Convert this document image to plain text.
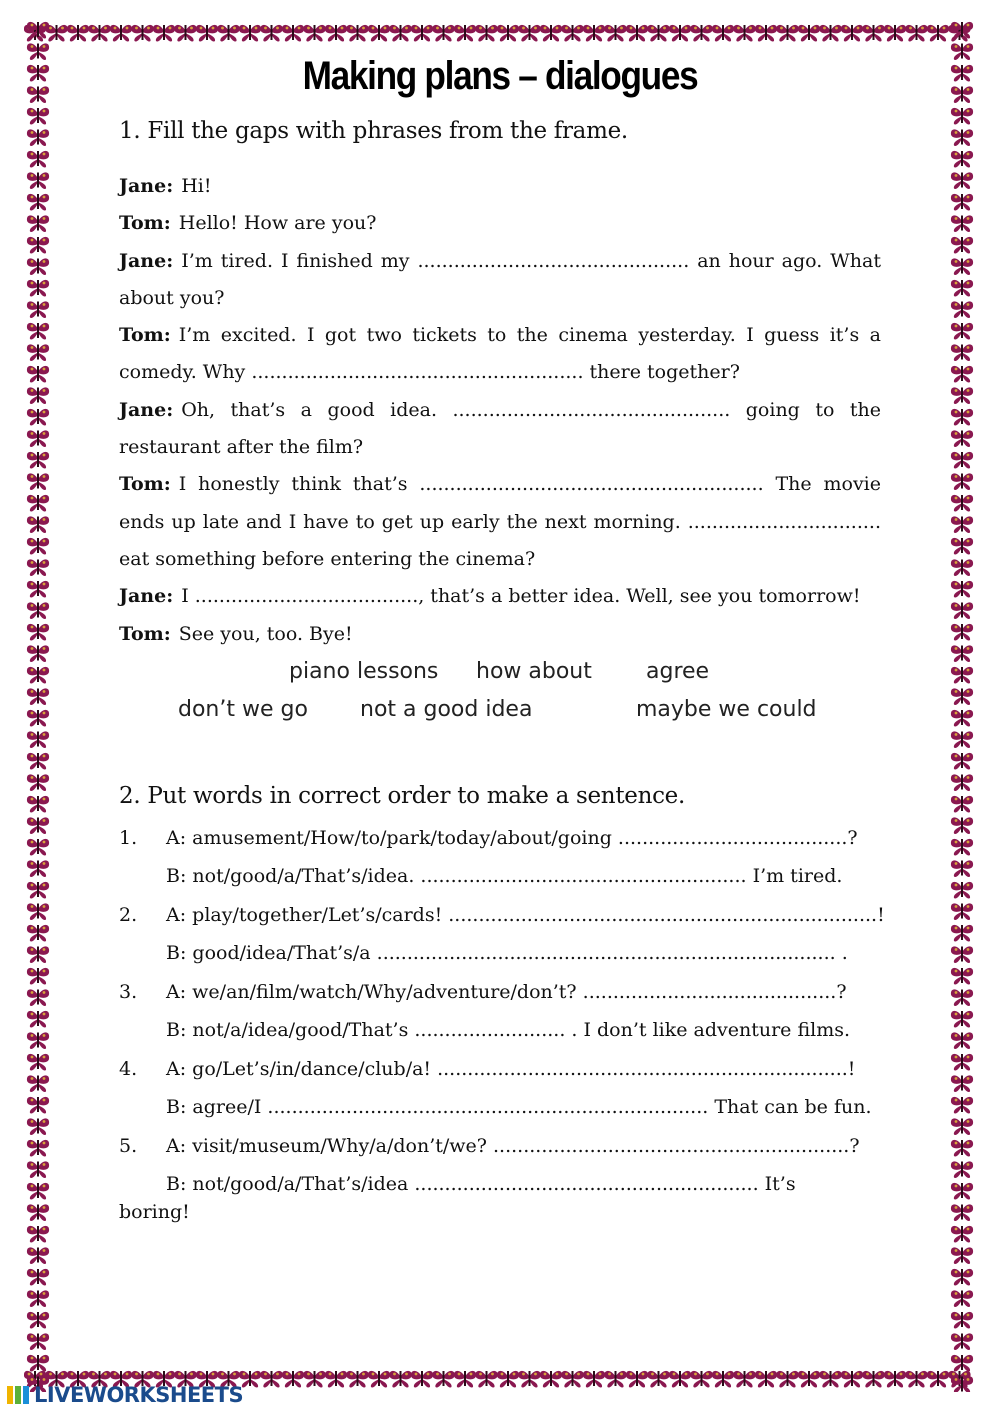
Making plans – dialogues
1. Fill the gaps with phrases from the frame.
Jane: Hi!
Tom: Hello! How are you?
Jane: I’m tired. I finished my ............................................. an hour ago. What about you?
Tom: I’m excited. I got two tickets to the cinema yesterday. I guess it’s a comedy. Why ....................................................... there together?
Jane: Oh, that’s a good idea. .............................................. going to the restaurant after the film?
Tom: I honestly think that’s ......................................................... The movie ends up late and I have to get up early the next morning. ................................ eat something before entering the cinema?
Jane: I ....................................., that’s a better idea. Well, see you tomorrow!
Tom: See you, too. Bye!
piano lessons how about agree
don’t we go not a good idea	maybe we could
2. Put words in correct order to make a sentence.
1. A: amusement/How/to/park/today/about/going ......................................?
B: not/good/a/That’s/idea. ...................................................... I’m tired.
2. A: play/together/Let’s/cards! .......................................................................!
B: good/idea/That’s/a ............................................................................ .
3. A: we/an/film/watch/Why/adventure/don’t? ..........................................?
B: not/a/idea/good/That’s ......................... . I don’t like adventure films.
4. A: go/Let’s/in/dance/club/a! ....................................................................!
B: agree/I ......................................................................... That can be fun.
5. A: visit/museum/Why/a/don’t/we? ...........................................................?
B: not/good/a/That’s/idea ......................................................... It’s
boring!
LIVEWORKSHEETS
